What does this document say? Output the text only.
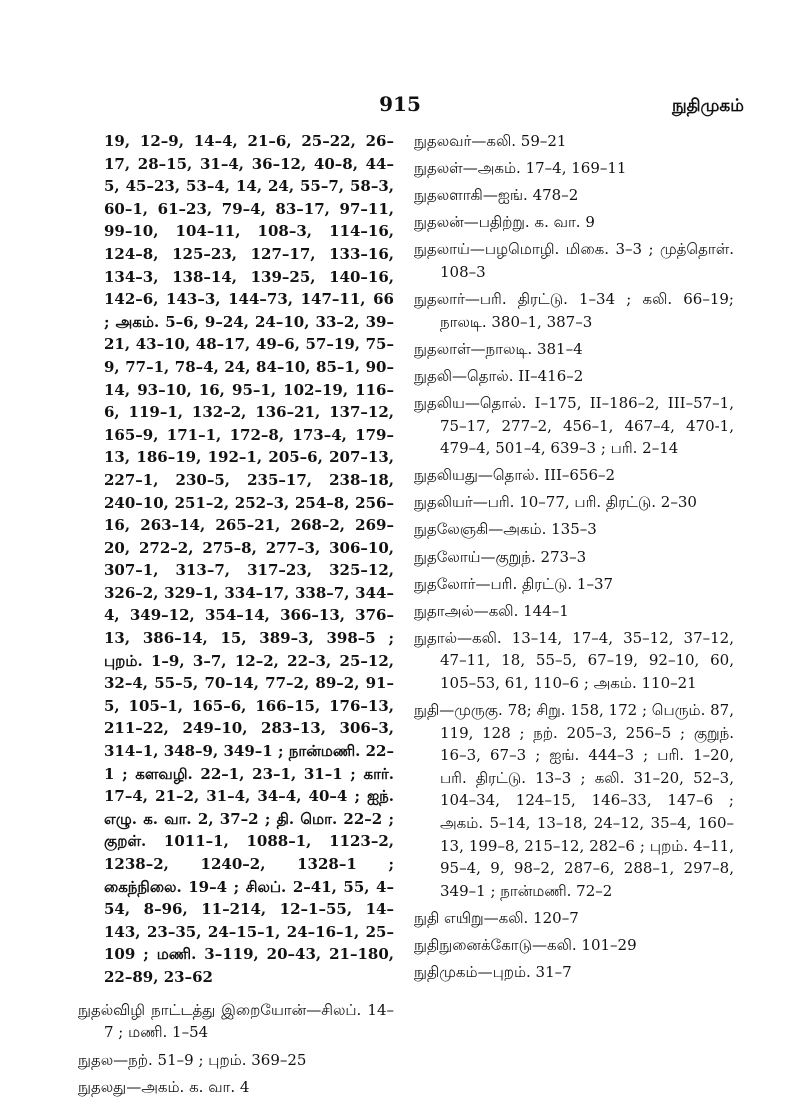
915	நுதிமுகம்

19, 12–9, 14–4, 21–6, 25–22, 26–17, 28–15, 31–4, 36–12, 40–8, 44–5, 45–23, 53–4, 14, 24, 55–7, 58–3, 60–1, 61–23, 79–4, 83–17, 97–11, 99–10, 104–11, 108–3, 114–16, 124–8, 125–23, 127–17, 133–16, 134–3, 138–14, 139–25, 140–16, 142–6, 143–3, 144–73, 147–11, 66 ; அகம். 5–6, 9–24, 24–10, 33–2, 39–21, 43–10, 48–17, 49–6, 57–19, 75–9, 77–1, 78–4, 24, 84–10, 85–1, 90–14, 93–10, 16, 95–1, 102–19, 116–6, 119–1, 132–2, 136–21, 137–12, 165–9, 171–1, 172–8, 173–4, 179–13, 186–19, 192–1, 205–6, 207–13, 227–1, 230–5, 235–17, 238–18, 240–10, 251–2, 252–3, 254–8, 256–16, 263–14, 265–21, 268–2, 269–20, 272–2, 275–8, 277–3, 306–10, 307–1, 313–7, 317–23, 325–12, 326–2, 329–1, 334–17, 338–7, 344–4, 349–12, 354–14, 366–13, 376–13, 386–14, 15, 389–3, 398–5 ; புறம். 1–9, 3–7, 12–2, 22–3, 25–12, 32–4, 55–5, 70–14, 77–2, 89–2, 91–5, 105–1, 165–6, 166–15, 176–13, 211–22, 249–10, 283–13, 306–3, 314–1, 348–9, 349–1 ; நான்மணி. 22–1 ; களவழி. 22–1, 23–1, 31–1 ; கார். 17–4, 21–2, 31–4, 34–4, 40–4 ; ஐந். எழு. க. வா. 2, 37–2 ; தி. மொ. 22–2 ; குறள். 1011–1, 1088–1, 1123–2, 1238–2, 1240–2, 1328–1 ; கைந்நிலை. 19–4 ; சிலப். 2–41, 55, 4–54, 8–96, 11–214, 12–1–55, 14–143, 23–35, 24–15–1, 24–16–1, 25–109 ; மணி. 3–119, 20–43, 21–180, 22–89, 23–62

நுதல்விழி நாட்டத்து இறையோன்—சிலப். 14–7 ; மணி. 1–54

நுதல—நற். 51–9 ; புறம். 369–25

நுதலது—அகம். க. வா. 4

நுதலவர்—கலி. 59–21

நுதலள்—அகம். 17–4, 169–11

நுதலளாகி—ஐங். 478–2

நுதலன்—பதிற்று. க. வா. 9

நுதலாய்—பழமொழி. மிகை. 3–3 ; முத்தொள். 108–3

நுதலார்—பரி. திரட்டு. 1–34 ; கலி. 66–19; நாலடி. 380–1, 387–3

நுதலாள்—நாலடி. 381–4

நுதலி—தொல். II–416–2

நுதலிய—தொல். I–175, II–186–2, III–57–1, 75–17, 277–2, 456–1, 467–4, 470-1, 479–4, 501–4, 639–3 ; பரி. 2–14

நுதலியது—தொல். III–656–2

நுதலியர்—பரி. 10–77, பரி. திரட்டு. 2–30

நுதலேஞகி—அகம். 135–3

நுதலோய்—குறுந். 273–3

நுதலோர்—பரி. திரட்டு. 1–37

நுதாஅல்—கலி. 144–1

நுதால்—கலி. 13–14, 17–4, 35–12, 37–12, 47–11, 18, 55–5, 67–19, 92–10, 60, 105–53, 61, 110–6 ; அகம். 110–21

நுதி—முருகு. 78; சிறு. 158, 172 ; பெரும். 87, 119, 128 ; நற். 205–3, 256–5 ; குறுந். 16–3, 67–3 ; ஐங். 444–3 ; பரி. 1–20, பரி. திரட்டு. 13–3 ; கலி. 31–20, 52–3, 104–34, 124–15, 146–33, 147–6 ; அகம். 5–14, 13–18, 24–12, 35–4, 160–13, 199–8, 215–12, 282–6 ; புறம். 4–11, 95–4, 9, 98–2, 287–6, 288–1, 297–8, 349–1 ; நான்மணி. 72–2

நுதி எயிறு—கலி. 120–7

நுதிநுனைக்கோடு—கலி. 101–29

நுதிமுகம்—புறம். 31–7
